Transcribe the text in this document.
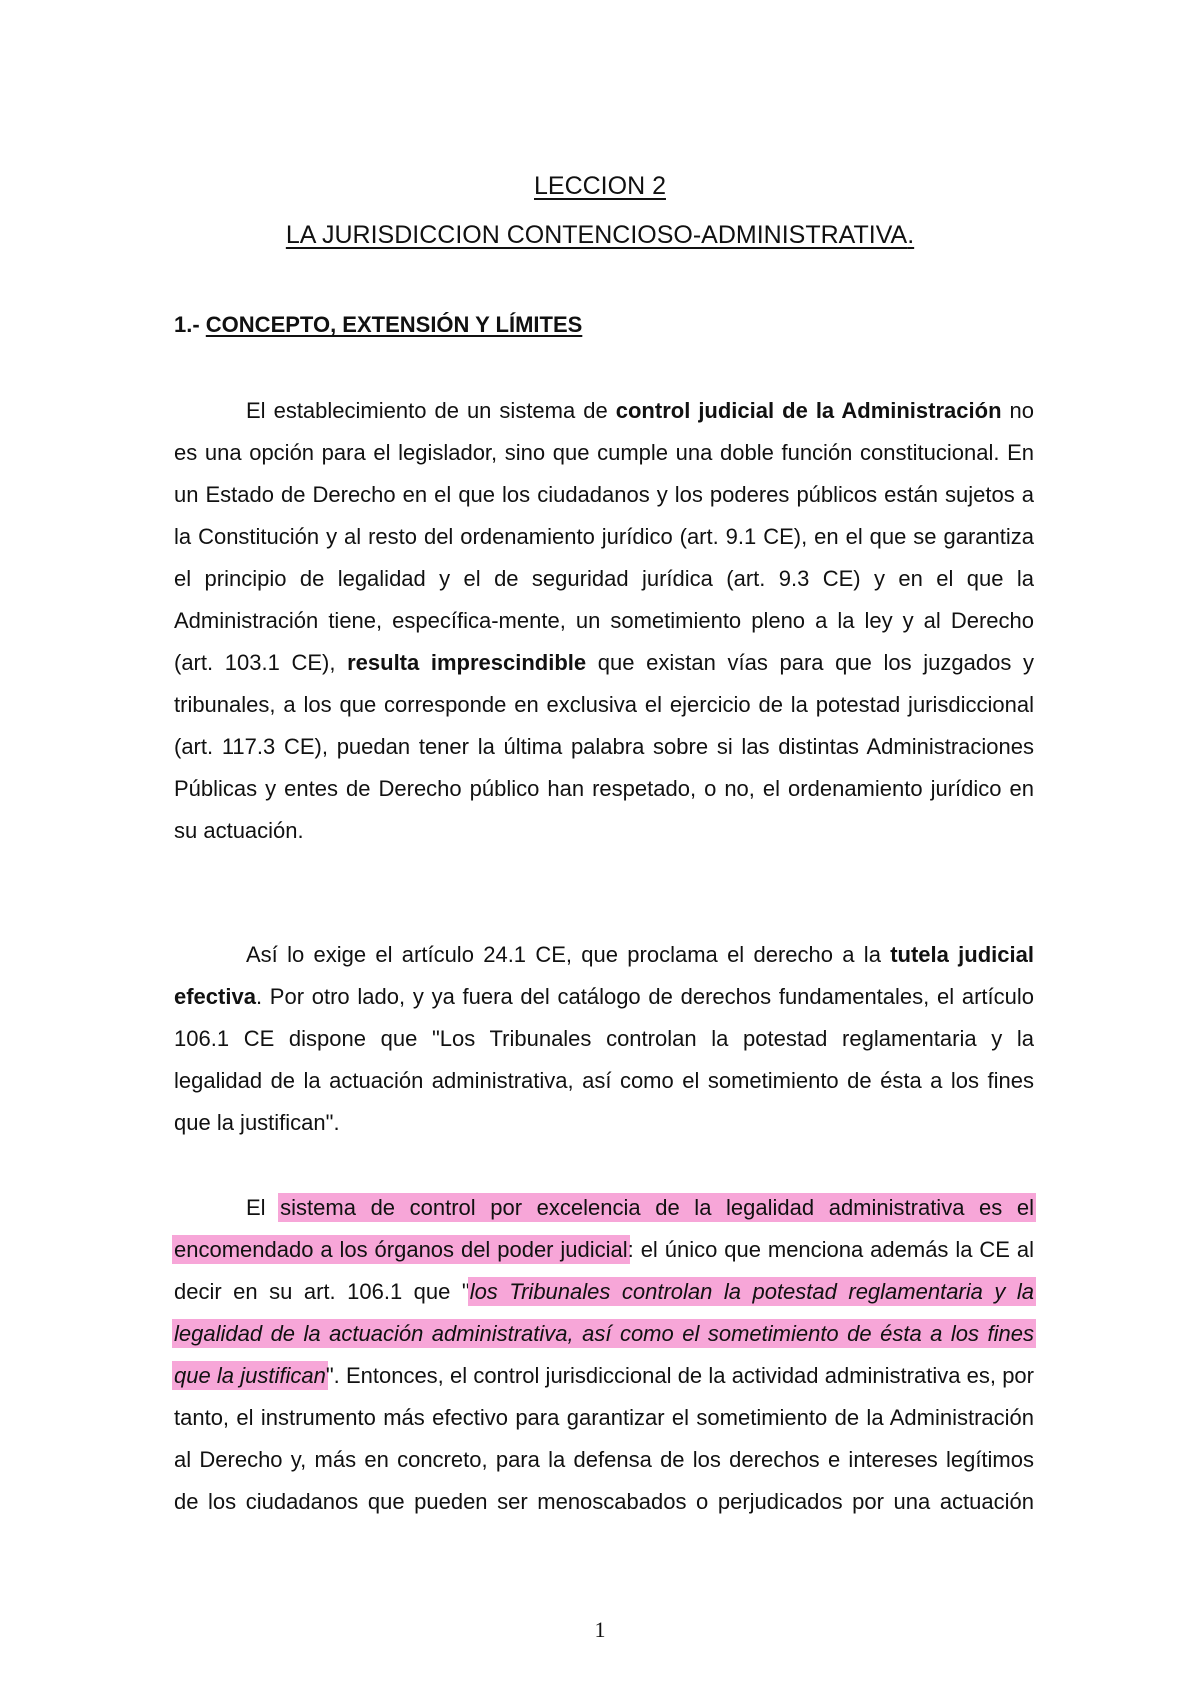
LECCION 2
LA JURISDICCION CONTENCIOSO-ADMINISTRATIVA.
1.- CONCEPTO, EXTENSIÓN Y LÍMITES

El establecimiento de un sistema de control judicial de la Administración no es una opción para el legislador, sino que cumple una doble función constitucional. En un Estado de Derecho en el que los ciudadanos y los poderes públicos están sujetos a la Constitución y al resto del ordenamiento jurídico (art. 9.1 CE), en el que se garantiza el principio de legalidad y el de seguridad jurídica (art. 9.3 CE) y en el que la Administración tiene, específica-mente, un sometimiento pleno a la ley y al Derecho (art. 103.1 CE), resulta imprescindible que existan vías para que los juzgados y tribunales, a los que corresponde en exclusiva el ejercicio de la potestad jurisdiccional (art. 117.3 CE), puedan tener la última palabra sobre si las distintas Administraciones Públicas y entes de Derecho público han respetado, o no, el ordenamiento jurídico en su actuación.

Así lo exige el artículo 24.1 CE, que proclama el derecho a la tutela judicial efectiva. Por otro lado, y ya fuera del catálogo de derechos fundamentales, el artículo 106.1 CE dispone que "Los Tribunales controlan la potestad reglamentaria y la legalidad de la actuación administrativa, así como el sometimiento de ésta a los fines que la justifican".

El sistema de control por excelencia de la legalidad administrativa es el encomendado a los órganos del poder judicial: el único que menciona además la CE al decir en su art. 106.1 que "los Tribunales controlan la potestad reglamentaria y la legalidad de la actuación administrativa, así como el sometimiento de ésta a los fines que la justifican". Entonces, el control jurisdiccional de la actividad administrativa es, por tanto, el instrumento más efectivo para garantizar el sometimiento de la Administración al Derecho y, más en concreto, para la defensa de los derechos e intereses legítimos de los ciudadanos que pueden ser menoscabados o perjudicados por una actuación

1
